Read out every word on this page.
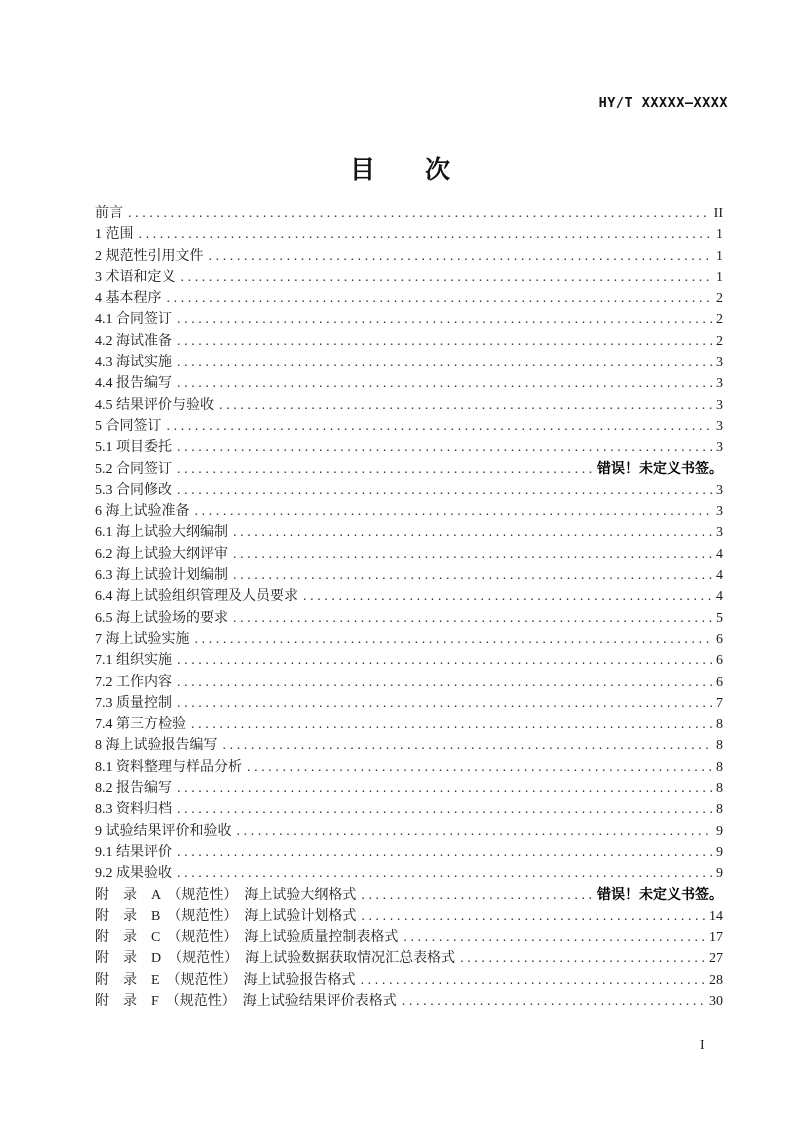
HY/T XXXXX—XXXX
目　　次
前言 .....	II
1 范围 .....	1
2 规范性引用文件 .....	1
3 术语和定义 .....	1
4 基本程序 .....	2
4.1 合同签订 .....	2
4.2 海试准备 .....	2
4.3 海试实施 .....	3
4.4 报告编写 .....	3
4.5 结果评价与验收 .....	3
5 合同签订 .....	3
5.1 项目委托 .....	3
5.2 合同签订 .....	错误！未定义书签。
5.3 合同修改 .....	3
6 海上试验准备 .....	3
6.1 海上试验大纲编制 .....	3
6.2 海上试验大纲评审 .....	4
6.3 海上试验计划编制 .....	4
6.4 海上试验组织管理及人员要求 .....	4
6.5 海上试验场的要求 .....	5
7 海上试验实施 .....	6
7.1 组织实施 .....	6
7.2 工作内容 .....	6
7.3 质量控制 .....	7
7.4 第三方检验 .....	8
8 海上试验报告编写 .....	8
8.1 资料整理与样品分析 .....	8
8.2 报告编写 .....	8
8.3 资料归档 .....	8
9 试验结果评价和验收 .....	9
9.1 结果评价 .....	9
9.2 成果验收 .....	9
附　录　A　（规范性）　海上试验大纲格式 .....	错误！未定义书签。
附　录　B　（规范性）　海上试验计划格式 .....	14
附　录　C　（规范性）　海上试验质量控制表格式 .....	17
附　录　D　（规范性）　海上试验数据获取情况汇总表格式 .....	27
附　录　E　（规范性）　海上试验报告格式 .....	28
附　录　F　（规范性）　海上试验结果评价表格式 .....	30
I
